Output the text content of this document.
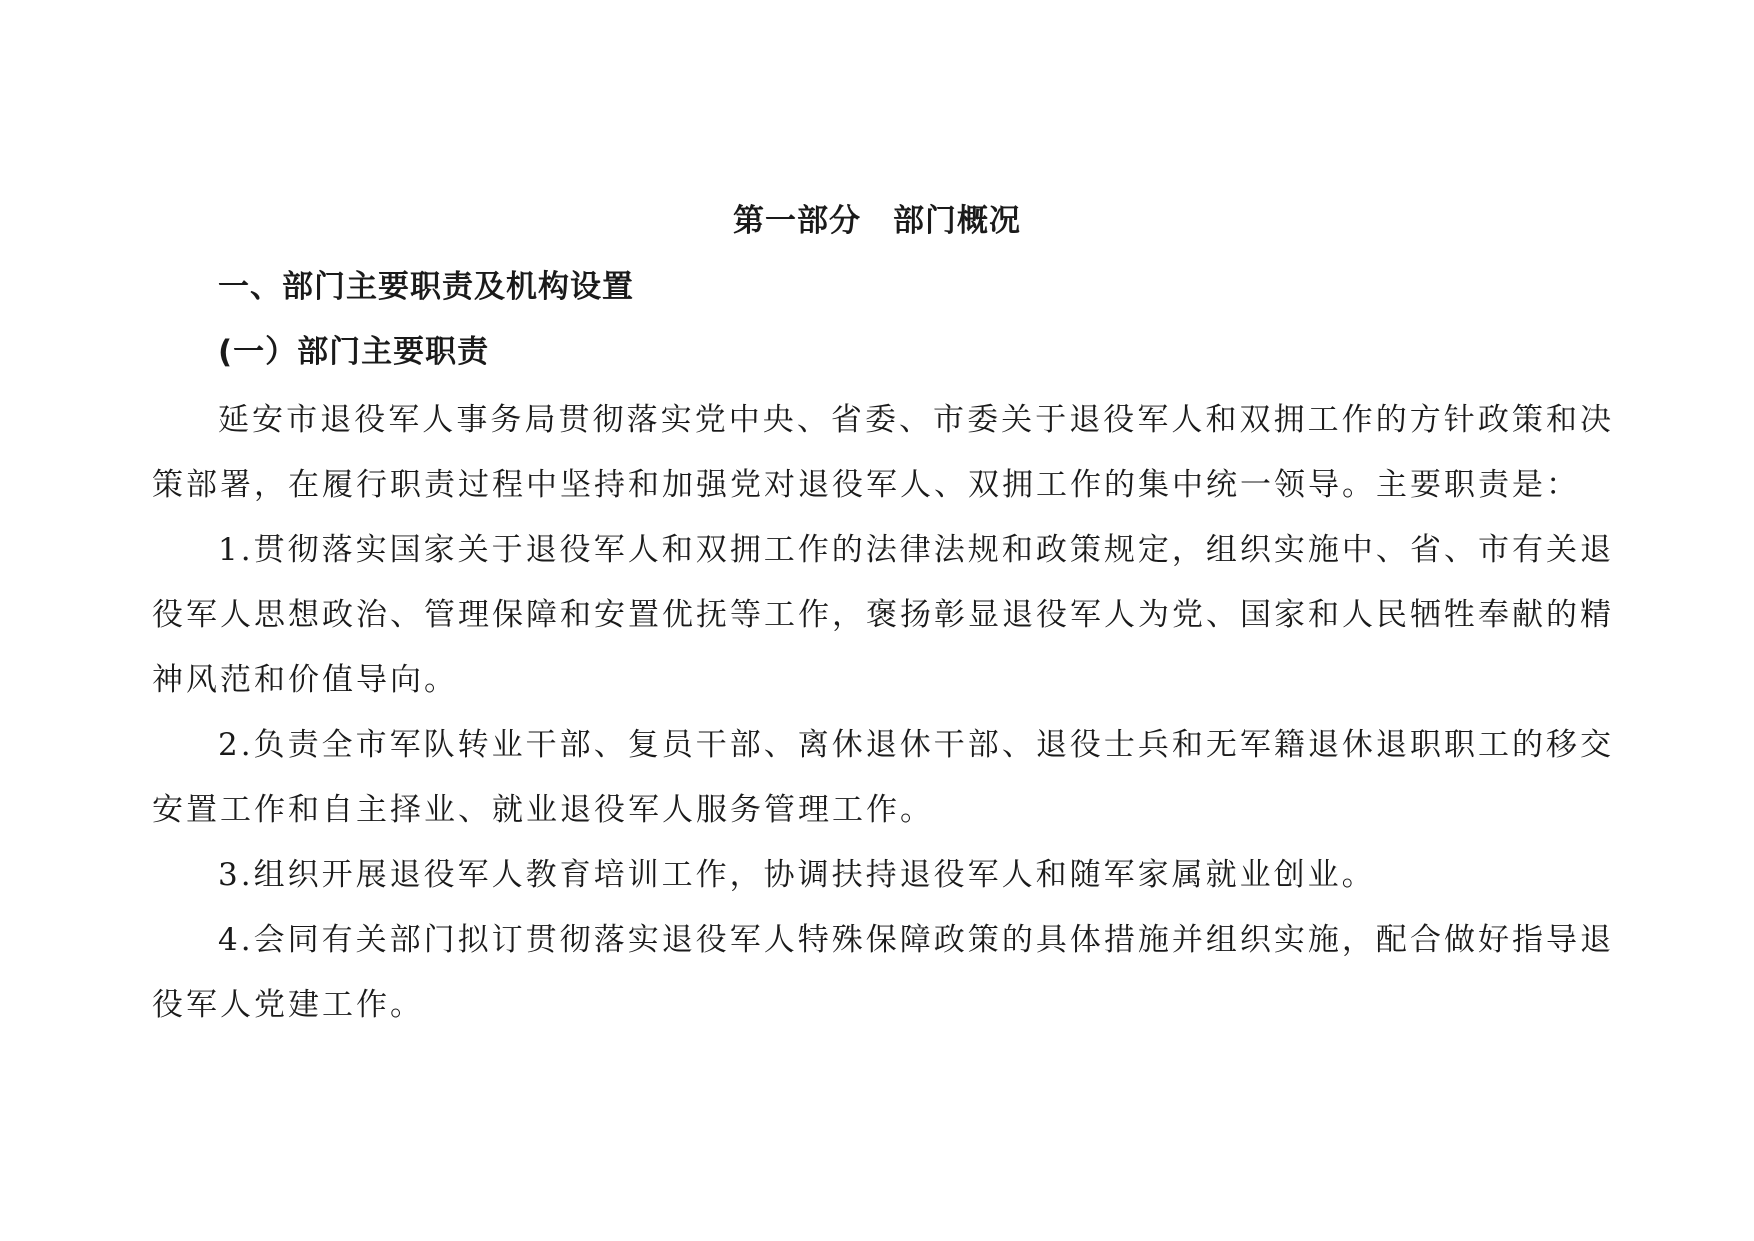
第一部分　部门概况
一、部门主要职责及机构设置
(一）部门主要职责

延安市退役军人事务局贯彻落实党中央、省委、市委关于退役军人和双拥工作的方针政策和决策部署，在履行职责过程中坚持和加强党对退役军人、双拥工作的集中统一领导。主要职责是：

1.贯彻落实国家关于退役军人和双拥工作的法律法规和政策规定，组织实施中、省、市有关退役军人思想政治、管理保障和安置优抚等工作，褒扬彰显退役军人为党、国家和人民牺牲奉献的精神风范和价值导向。

2.负责全市军队转业干部、复员干部、离休退休干部、退役士兵和无军籍退休退职职工的移交安置工作和自主择业、就业退役军人服务管理工作。

3.组织开展退役军人教育培训工作，协调扶持退役军人和随军家属就业创业。

4.会同有关部门拟订贯彻落实退役军人特殊保障政策的具体措施并组织实施，配合做好指导退役军人党建工作。
